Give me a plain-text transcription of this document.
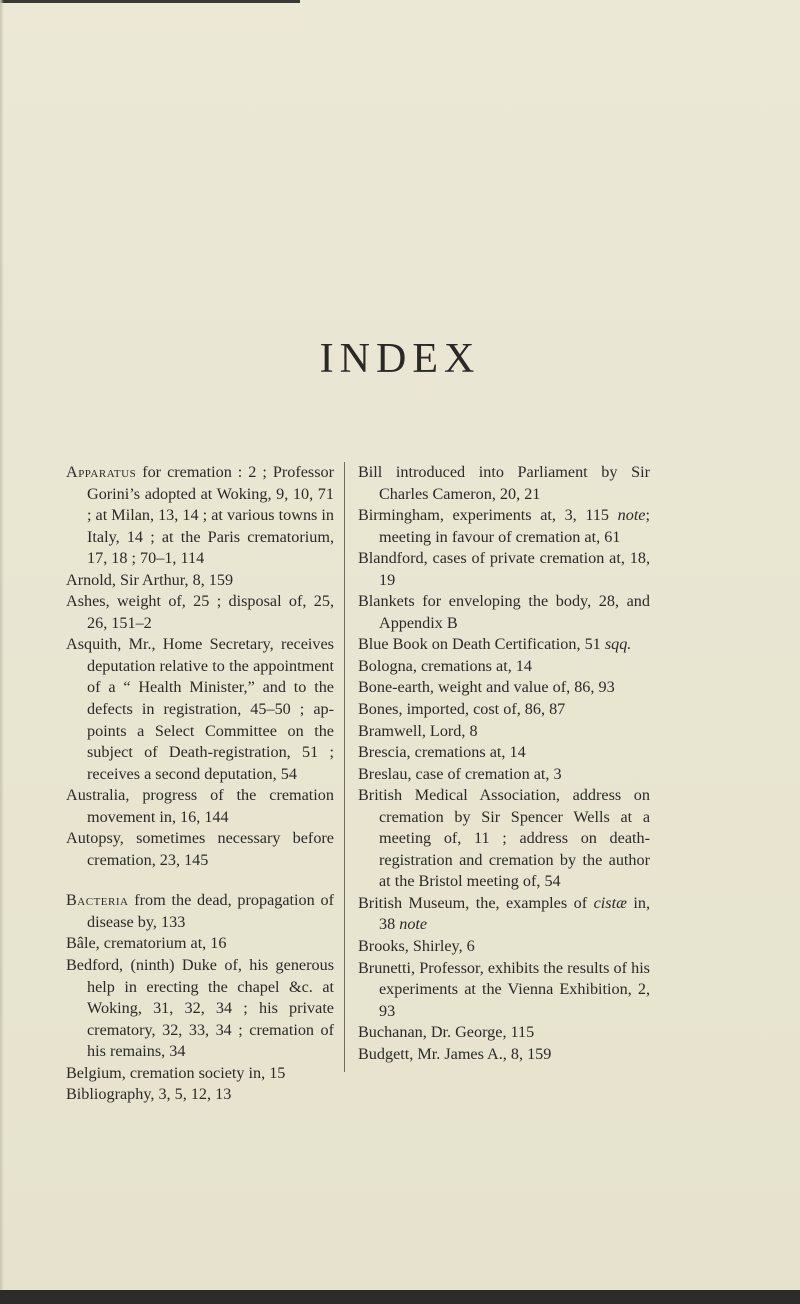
INDEX

Apparatus for cremation : 2 ; Professor Gorini’s adopted at Woking, 9, 10, 71 ; at Milan, 13, 14 ; at various towns in Italy, 14 ; at the Paris crematorium, 17, 18 ; 70–1, 114

Arnold, Sir Arthur, 8, 159

Ashes, weight of, 25 ; disposal of, 25, 26, 151–2

Asquith, Mr., Home Secretary, receives deputation relative to the appointment of a “ Health Minister,” and to the defects in registration, 45–50 ; appoints a Select Committee on the subject of Death-registration, 51 ; receives a second deputation, 54

Australia, progress of the cremation movement in, 16, 144

Autopsy, sometimes necessary before cremation, 23, 145

Bacteria from the dead, propagation of disease by, 133

Bâle, crematorium at, 16

Bedford, (ninth) Duke of, his generous help in erecting the chapel &c. at Woking, 31, 32, 34 ; his private crematory, 32, 33, 34 ; cremation of his remains, 34

Belgium, cremation society in, 15

Bibliography, 3, 5, 12, 13

Bill introduced into Parliament by Sir Charles Cameron, 20, 21

Birmingham, experiments at, 3, 115 note; meeting in favour of cremation at, 61

Blandford, cases of private cremation at, 18, 19

Blankets for enveloping the body, 28, and Appendix B

Blue Book on Death Certification, 51 sqq.

Bologna, cremations at, 14

Bone-earth, weight and value of, 86, 93

Bones, imported, cost of, 86, 87

Bramwell, Lord, 8

Brescia, cremations at, 14

Breslau, case of cremation at, 3

British Medical Association, address on cremation by Sir Spencer Wells at a meeting of, 11 ; address on death-registration and cremation by the author at the Bristol meeting of, 54

British Museum, the, examples of cistæ in, 38 note

Brooks, Shirley, 6

Brunetti, Professor, exhibits the results of his experiments at the Vienna Exhibition, 2, 93

Buchanan, Dr. George, 115

Budgett, Mr. James A., 8, 159
